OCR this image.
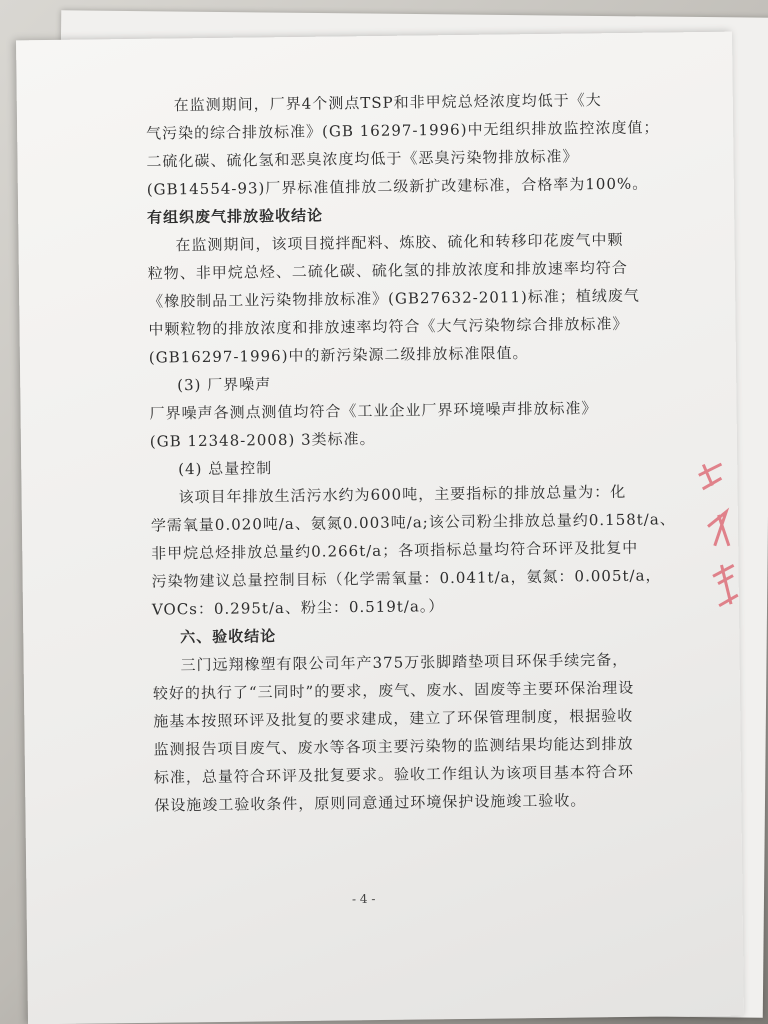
在监测期间，厂界4个测点TSP和非甲烷总烃浓度均低于《大
气污染的综合排放标准》(GB 16297-1996)中无组织排放监控浓度值；
二硫化碳、硫化氢和恶臭浓度均低于《恶臭污染物排放标准》
(GB14554-93)厂界标准值排放二级新扩改建标准，合格率为100%。
有组织废气排放验收结论
在监测期间，该项目搅拌配料、炼胶、硫化和转移印花废气中颗
粒物、非甲烷总烃、二硫化碳、硫化氢的排放浓度和排放速率均符合
《橡胶制品工业污染物排放标准》(GB27632-2011)标准；植绒废气
中颗粒物的排放浓度和排放速率均符合《大气污染物综合排放标准》
(GB16297-1996)中的新污染源二级排放标准限值。
(3) 厂界噪声
厂界噪声各测点测值均符合《工业企业厂界环境噪声排放标准》
(GB 12348-2008) 3类标准。
(4) 总量控制
该项目年排放生活污水约为600吨，主要指标的排放总量为：化
学需氧量0.020吨/a、氨氮0.003吨/a;该公司粉尘排放总量约0.158t/a、
非甲烷总烃排放总量约0.266t/a；各项指标总量均符合环评及批复中
污染物建议总量控制目标（化学需氧量：0.041t/a，氨氮：0.005t/a，
VOCs：0.295t/a、粉尘：0.519t/a。）
六、验收结论
三门远翔橡塑有限公司年产375万张脚踏垫项目环保手续完备，
较好的执行了“三同时”的要求，废气、废水、固废等主要环保治理设
施基本按照环评及批复的要求建成，建立了环保管理制度，根据验收
监测报告项目废气、废水等各项主要污染物的监测结果均能达到排放
标准，总量符合环评及批复要求。验收工作组认为该项目基本符合环
保设施竣工验收条件，原则同意通过环境保护设施竣工验收。
- 4 -
